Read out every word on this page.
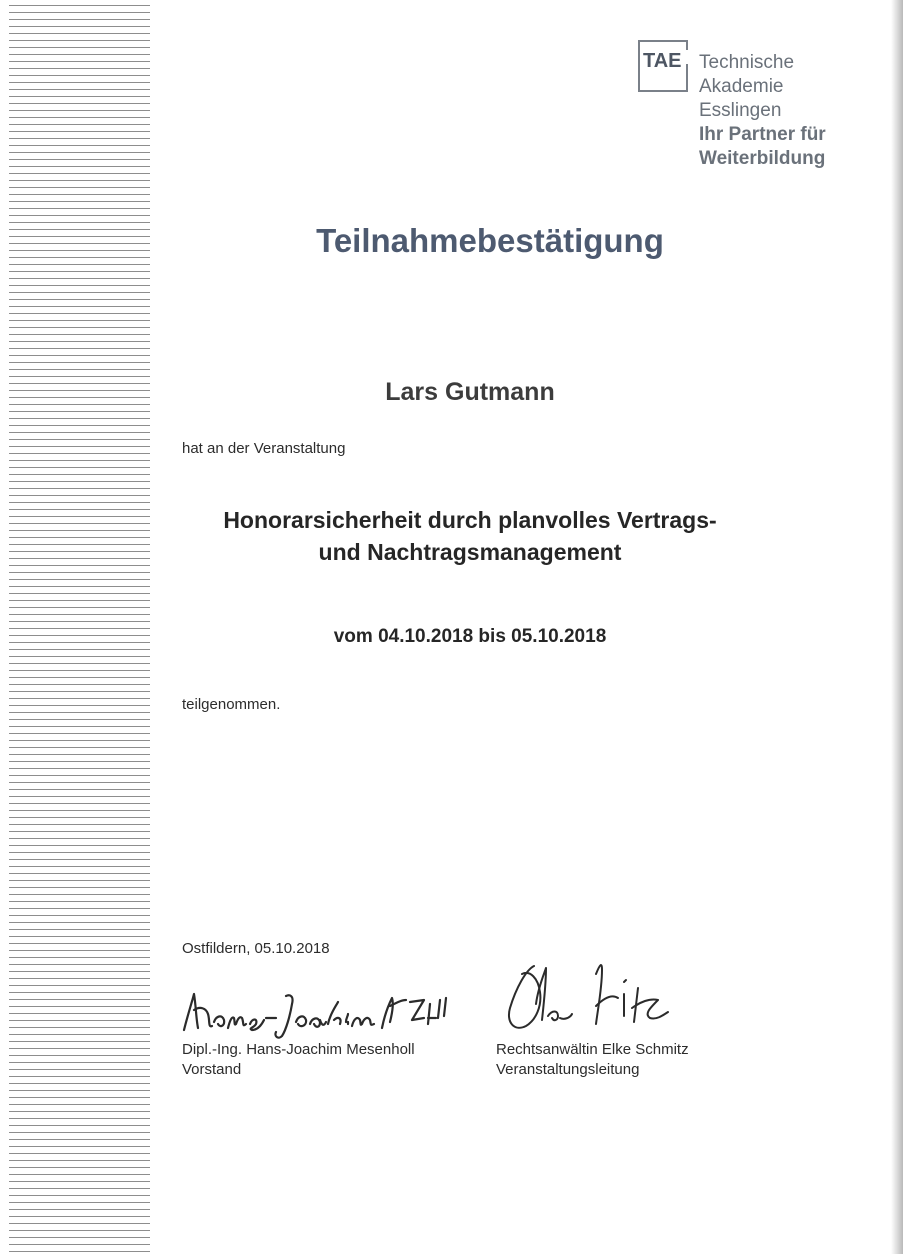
TAE Technische
Akademie
Esslingen
Ihr Partner für
Weiterbildung
Teilnahmebestätigung
Lars Gutmann
hat an der Veranstaltung
Honorarsicherheit durch planvolles Vertrags-
und Nachtragsmanagement
vom 04.10.2018 bis 05.10.2018
teilgenommen.
Ostfildern, 05.10.2018
Dipl.-Ing. Hans-Joachim Mesenholl
Vorstand
Rechtsanwältin Elke Schmitz
Veranstaltungsleitung
